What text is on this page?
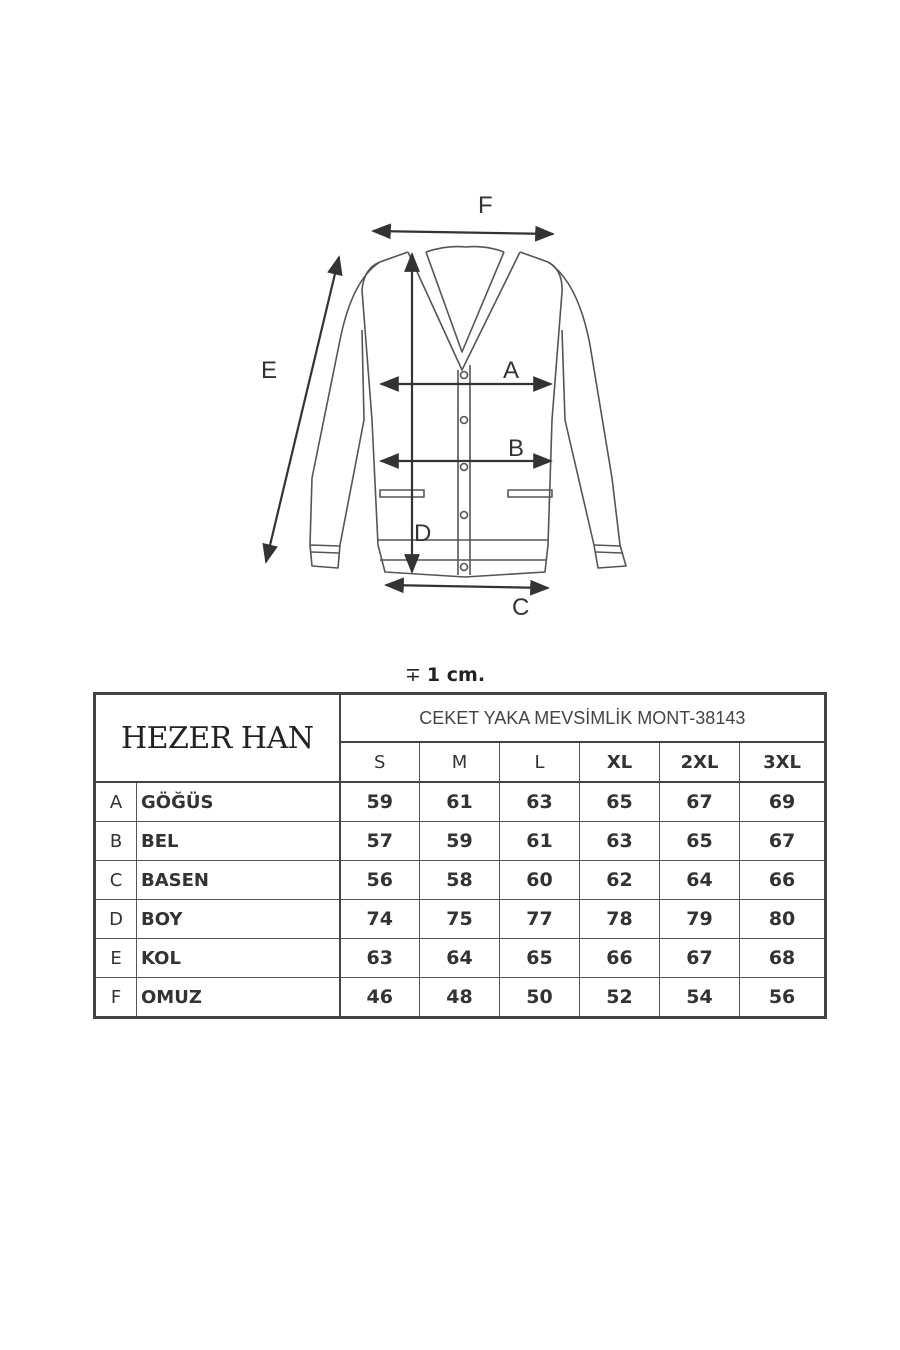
F
E	A
B
D
C
∓ 1 cm.
HEZER HAN		CEKET YAKA MEVSİMLİK MONT-38143					
		S	M	L	XL	2XL	3XL
A	GÖĞÜS	59	61	63	65	67	69
B	BEL	57	59	61	63	65	67
C	BASEN	56	58	60	62	64	66
D	BOY	74	75	77	78	79	80
E	KOL	63	64	65	66	67	68
F	OMUZ	46	48	50	52	54	56
